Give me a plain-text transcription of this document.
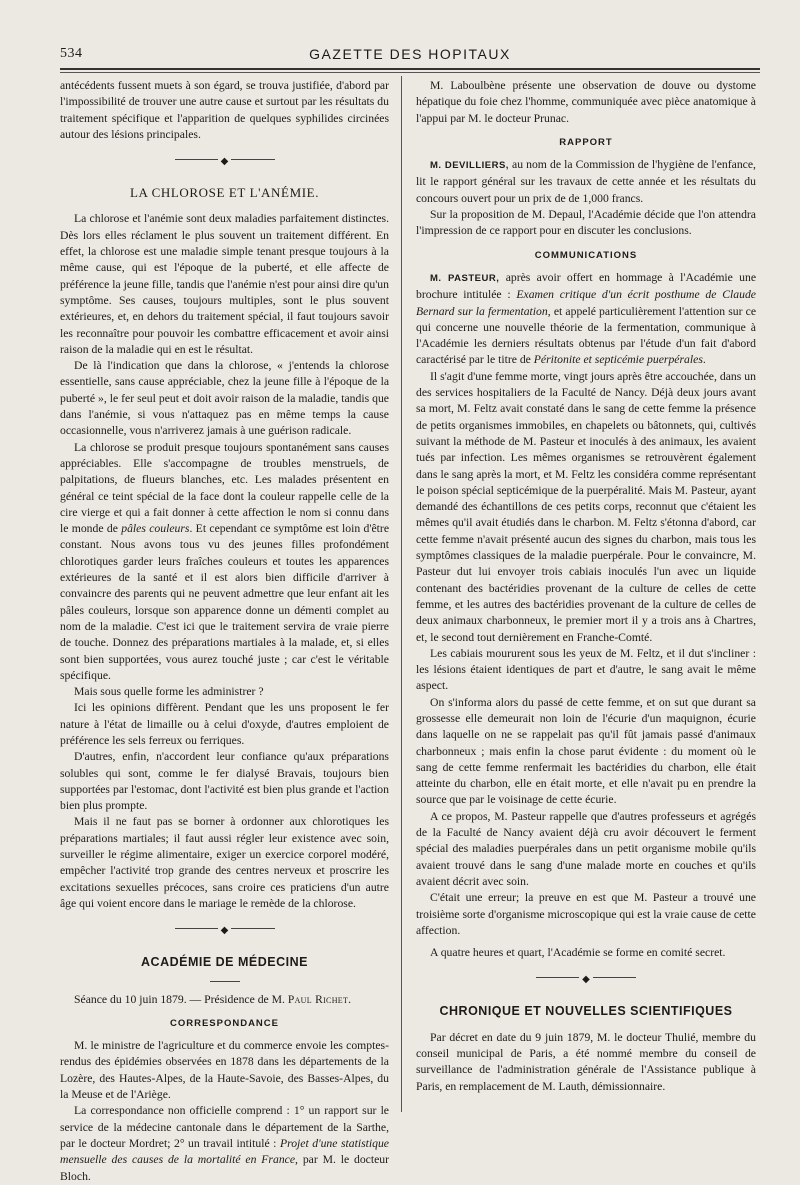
534	GAZETTE DES HOPITAUX

antécédents fussent muets à son égard, se trouva justifiée, d'abord par l'impossibilité de trouver une autre cause et surtout par les résultats du traitement spécifique et l'apparition de quelques syphilides circinées autour des lésions principales.

◆
LA CHLOROSE ET L'ANÉMIE.

La chlorose et l'anémie sont deux maladies parfaitement distinctes. Dès lors elles réclament le plus souvent un traitement différent. En effet, la chlorose est une maladie simple tenant presque toujours à la même cause, qui est l'époque de la puberté, et elle affecte de préférence la jeune fille, tandis que l'anémie n'est pour ainsi dire qu'un symptôme. Ses causes, toujours multiples, sont le plus souvent extérieures, et, en dehors du traitement spécial, il faut toujours savoir les reconnaître pour pouvoir les combattre efficacement et avoir ainsi raison de la maladie qui en est le résultat.

De là l'indication que dans la chlorose, « j'entends la chlorose essentielle, sans cause appréciable, chez la jeune fille à l'époque de la puberté », le fer seul peut et doit avoir raison de la maladie, tandis que dans l'anémie, si vous n'attaquez pas en même temps la cause occasionnelle, vous n'arriverez jamais à une guérison radicale.

La chlorose se produit presque toujours spontanément sans causes appréciables. Elle s'accompagne de troubles menstruels, de palpitations, de flueurs blanches, etc. Les malades présentent en général ce teint spécial de la face dont la couleur rappelle celle de la cire vierge et qui a fait donner à cette affection le nom si connu dans le monde de pâles couleurs. Et cependant ce symptôme est loin d'être constant. Nous avons tous vu des jeunes filles profondément chlorotiques garder leurs fraîches couleurs et toutes les apparences extérieures de la santé et il est alors bien difficile d'arriver à convaincre des parents qui ne peuvent admettre que leur enfant ait les pâles couleurs, lorsque son apparence donne un démenti complet au nom de la maladie. C'est ici que le traitement servira de vraie pierre de touche. Donnez des préparations martiales à la malade, et, si elles sont bien supportées, vous aurez touché juste ; car c'est le véritable spécifique.

Mais sous quelle forme les administrer ?

Ici les opinions diffèrent. Pendant que les uns proposent le fer nature à l'état de limaille ou à celui d'oxyde, d'autres emploient de préférence les sels ferreux ou ferriques.

D'autres, enfin, n'accordent leur confiance qu'aux préparations solubles qui sont, comme le fer dialysé Bravais, toujours bien supportées par l'estomac, dont l'activité est bien plus grande et l'action bien plus prompte.

Mais il ne faut pas se borner à ordonner aux chlorotiques les préparations martiales; il faut aussi régler leur existence avec soin, surveiller le régime alimentaire, exiger un exercice corporel modéré, empêcher l'activité trop grande des centres nerveux et proscrire les excitations sexuelles précoces, sans croire ces praticiens d'un autre âge qui voient encore dans le mariage le remède de la chlorose.

◆
ACADÉMIE DE MÉDECINE

Séance du 10 juin 1879. — Présidence de M. Paul Richet.

CORRESPONDANCE

M. le ministre de l'agriculture et du commerce envoie les comptes-rendus des épidémies observées en 1878 dans les départements de la Lozère, des Hautes-Alpes, de la Haute-Savoie, des Basses-Alpes, du la Meuse et de l'Ariège.

La correspondance non officielle comprend : 1° un rapport sur le service de la médecine cantonale dans le département de la Sarthe, par le docteur Mordret; 2° un travail intitulé : Projet d'une statistique mensuelle des causes de la mortalité en France, par M. le docteur Bloch.

M. Laboulbène présente une observation de douve ou dystome hépatique du foie chez l'homme, communiquée avec pièce anatomique à l'appui par M. le docteur Prunac.

RAPPORT

M. DEVILLIERS, au nom de la Commission de l'hygiène de l'enfance, lit le rapport général sur les travaux de cette année et les résultats du concours ouvert pour un prix de de 1,000 francs.

Sur la proposition de M. Depaul, l'Académie décide que l'on attendra l'impression de ce rapport pour en discuter les conclusions.

COMMUNICATIONS

M. PASTEUR, après avoir offert en hommage à l'Académie une brochure intitulée : Examen critique d'un écrit posthume de Claude Bernard sur la fermentation, et appelé particulièrement l'attention sur ce qui concerne une nouvelle théorie de la fermentation, communique à l'Académie les derniers résultats obtenus par l'étude d'un fait d'abord caractérisé par le titre de Péritonite et septicémie puerpérales.

Il s'agit d'une femme morte, vingt jours après être accouchée, dans un des services hospitaliers de la Faculté de Nancy. Déjà deux jours avant sa mort, M. Feltz avait constaté dans le sang de cette femme la présence de petits organismes immobiles, en chapelets ou bâtonnets, qui, cultivés suivant la méthode de M. Pasteur et inoculés à des animaux, les avaient tués par infection. Les mêmes organismes se retrouvèrent également dans le sang après la mort, et M. Feltz les considéra comme représentant le poison spécial septicémique de la puerpéralité. Mais M. Pasteur, ayant demandé des échantillons de ces petits corps, reconnut que c'étaient les mêmes qu'il avait étudiés dans le charbon. M. Feltz s'étonna d'abord, car cette femme n'avait présenté aucun des signes du charbon, mais tous les symptômes classiques de la maladie puerpérale. Pour le convaincre, M. Pasteur dut lui envoyer trois cabiais inoculés l'un avec un liquide contenant des bactéridies provenant de la culture de celles de cette femme, et les autres des bactéridies provenant de la culture de celles de deux animaux charbonneux, le premier mort il y a trois ans à Chartres, et, le second tout dernièrement en Franche-Comté.

Les cabiais moururent sous les yeux de M. Feltz, et il dut s'incliner : les lésions étaient identiques de part et d'autre, le sang avait le même aspect.

On s'informa alors du passé de cette femme, et on sut que durant sa grossesse elle demeurait non loin de l'écurie d'un maquignon, écurie dans laquelle on ne se rappelait pas qu'il fût jamais passé d'animaux charbonneux ; mais enfin la chose parut évidente : du moment où le sang de cette femme renfermait les bactéridies du charbon, elle était atteinte du charbon, elle en était morte, et elle n'avait pu en prendre la source que par le voisinage de cette écurie.

A ce propos, M. Pasteur rappelle que d'autres professeurs et agrégés de la Faculté de Nancy avaient déjà cru avoir découvert le ferment spécial des maladies puerpérales dans un petit organisme mobile qu'ils avaient trouvé dans le sang d'une malade morte en couches et qu'ils avaient décrit avec soin.

C'était une erreur; la preuve en est que M. Pasteur a trouvé une troisième sorte d'organisme microscopique qui est la vraie cause de cette affection.

A quatre heures et quart, l'Académie se forme en comité secret.

◆
CHRONIQUE ET NOUVELLES SCIENTIFIQUES

Par décret en date du 9 juin 1879, M. le docteur Thulié, membre du conseil municipal de Paris, a été nommé membre du conseil de surveillance de l'administration générale de l'Assistance publique à Paris, en remplacement de M. Lauth, démissionnaire.
